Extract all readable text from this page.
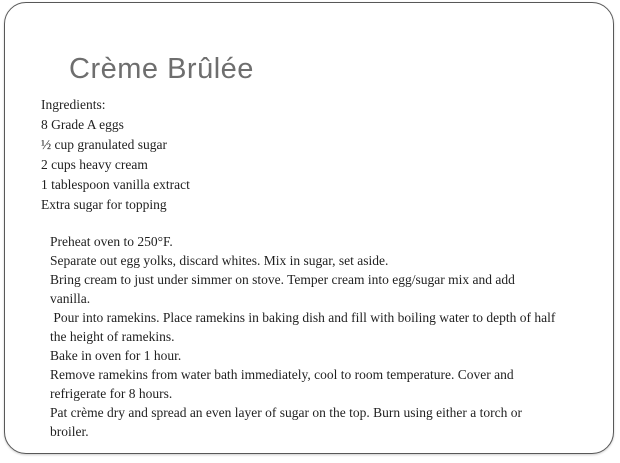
Crème Brûlée
Ingredients:
8 Grade A eggs
½ cup granulated sugar
2 cups heavy cream
1 tablespoon vanilla extract
Extra sugar for topping
Preheat oven to 250°F.
Separate out egg yolks, discard whites. Mix in sugar, set aside.
Bring cream to just under simmer on stove. Temper cream into egg/sugar mix and add
vanilla.
Pour into ramekins. Place ramekins in baking dish and fill with boiling water to depth of half
the height of ramekins.
Bake in oven for 1 hour.
Remove ramekins from water bath immediately, cool to room temperature. Cover and
refrigerate for 8 hours.
Pat crème dry and spread an even layer of sugar on the top. Burn using either a torch or
broiler.
